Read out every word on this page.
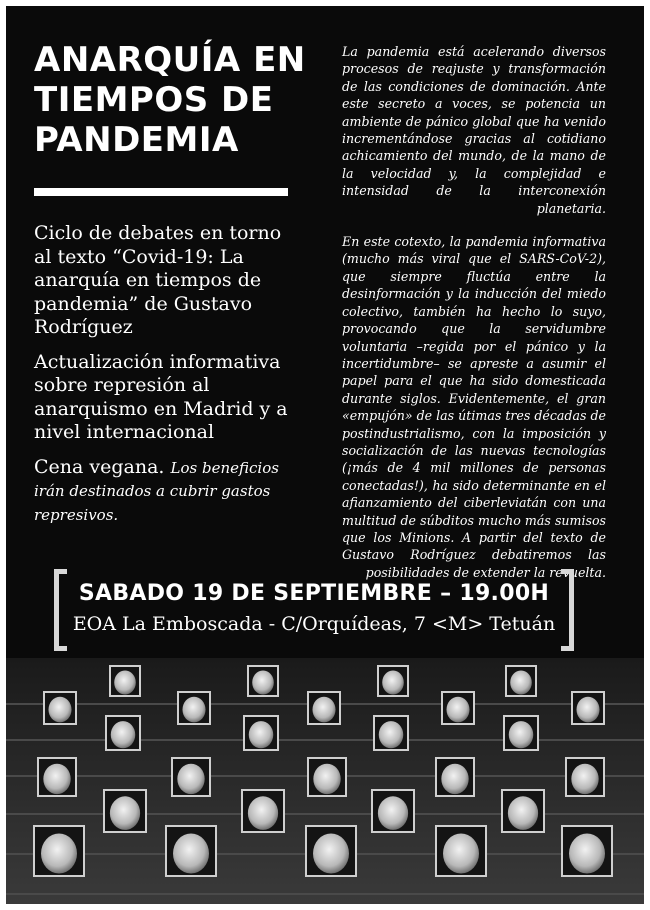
ANARQUÍA EN
TIEMPOS DE
PANDEMIA
Ciclo de debates en torno al texto “Covid-19: La anarquía en tiempos de pandemia” de Gustavo Rodríguez
Actualización informativa sobre represión al anarquismo en Madrid y a nivel internacional
Cena vegana. Los beneficios irán destinados a cubrir gastos represivos.

La pandemia está acelerando diversos procesos de reajuste y transformación de las condiciones de dominación. Ante este secreto a voces, se potencia un ambiente de pánico global que ha venido incrementándose gracias al cotidiano achicamiento del mundo, de la mano de la velocidad y, la complejidad e intensidad de la interconexión planetaria.

En este cotexto, la pandemia informativa (mucho más viral que el SARS-CoV-2), que siempre fluctúa entre la desinformación y la inducción del miedo colectivo, también ha hecho lo suyo, provocando que la servidumbre voluntaria –regida por el pánico y la incertidumbre– se apreste a asumir el papel para el que ha sido domesticada durante siglos. Evidentemente, el gran «empujón» de las útimas tres décadas de postindustrialismo, con la imposición y socialización de las nuevas tecnologías (¡más de 4 mil millones de personas conectadas!), ha sido determinante en el afianzamiento del ciberleviatán con una multitud de súbditos mucho más sumisos que los Minions. A partir del texto de Gustavo Rodríguez debatiremos las posibilidades de extender la revuelta.

SABADO 19 DE SEPTIEMBRE – 19.00H
EOA La Emboscada - C/Orquídeas, 7 <M> Tetuán
